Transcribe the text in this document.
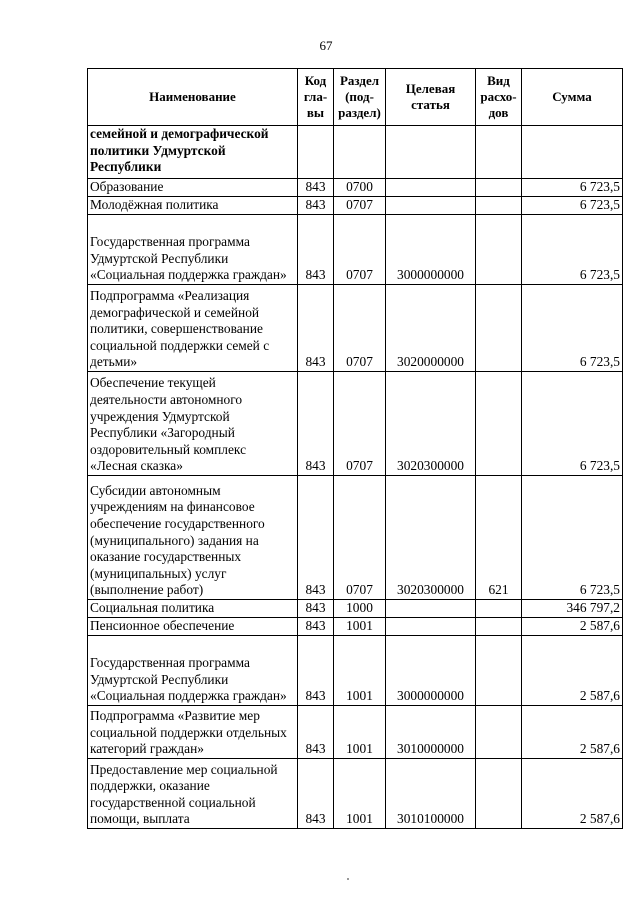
67
Наименование	Код гла-вы	Раздел (под-раздел)	Целевая статья	Вид расхо-дов	Сумма
семейной и демографической политики Удмуртской Республики					
Образование	843	0700			6 723,5
Молодёжная политика	843	0707			6 723,5
Государственная программа Удмуртской Республики «Социальная поддержка граждан»	843	0707	3000000000		6 723,5
Подпрограмма «Реализация демографической и семейной политики, совершенствование социальной поддержки семей с детьми»	843	0707	3020000000		6 723,5
Обеспечение текущей деятельности автономного учреждения Удмуртской Республики «Загородный оздоровительный комплекс «Лесная сказка»	843	0707	3020300000		6 723,5
Субсидии автономным учреждениям на финансовое обеспечение государственного (муниципального) задания на оказание государственных (муниципальных) услуг (выполнение работ)	843	0707	3020300000	621	6 723,5
Социальная политика	843	1000			346 797,2
Пенсионное обеспечение	843	1001			2 587,6
Государственная программа Удмуртской Республики «Социальная поддержка граждан»	843	1001	3000000000		2 587,6
Подпрограмма «Развитие мер социальной поддержки отдельных категорий граждан»	843	1001	3010000000		2 587,6
Предоставление мер социальной поддержки, оказание государственной социальной помощи, выплата	843	1001	3010100000		2 587,6
